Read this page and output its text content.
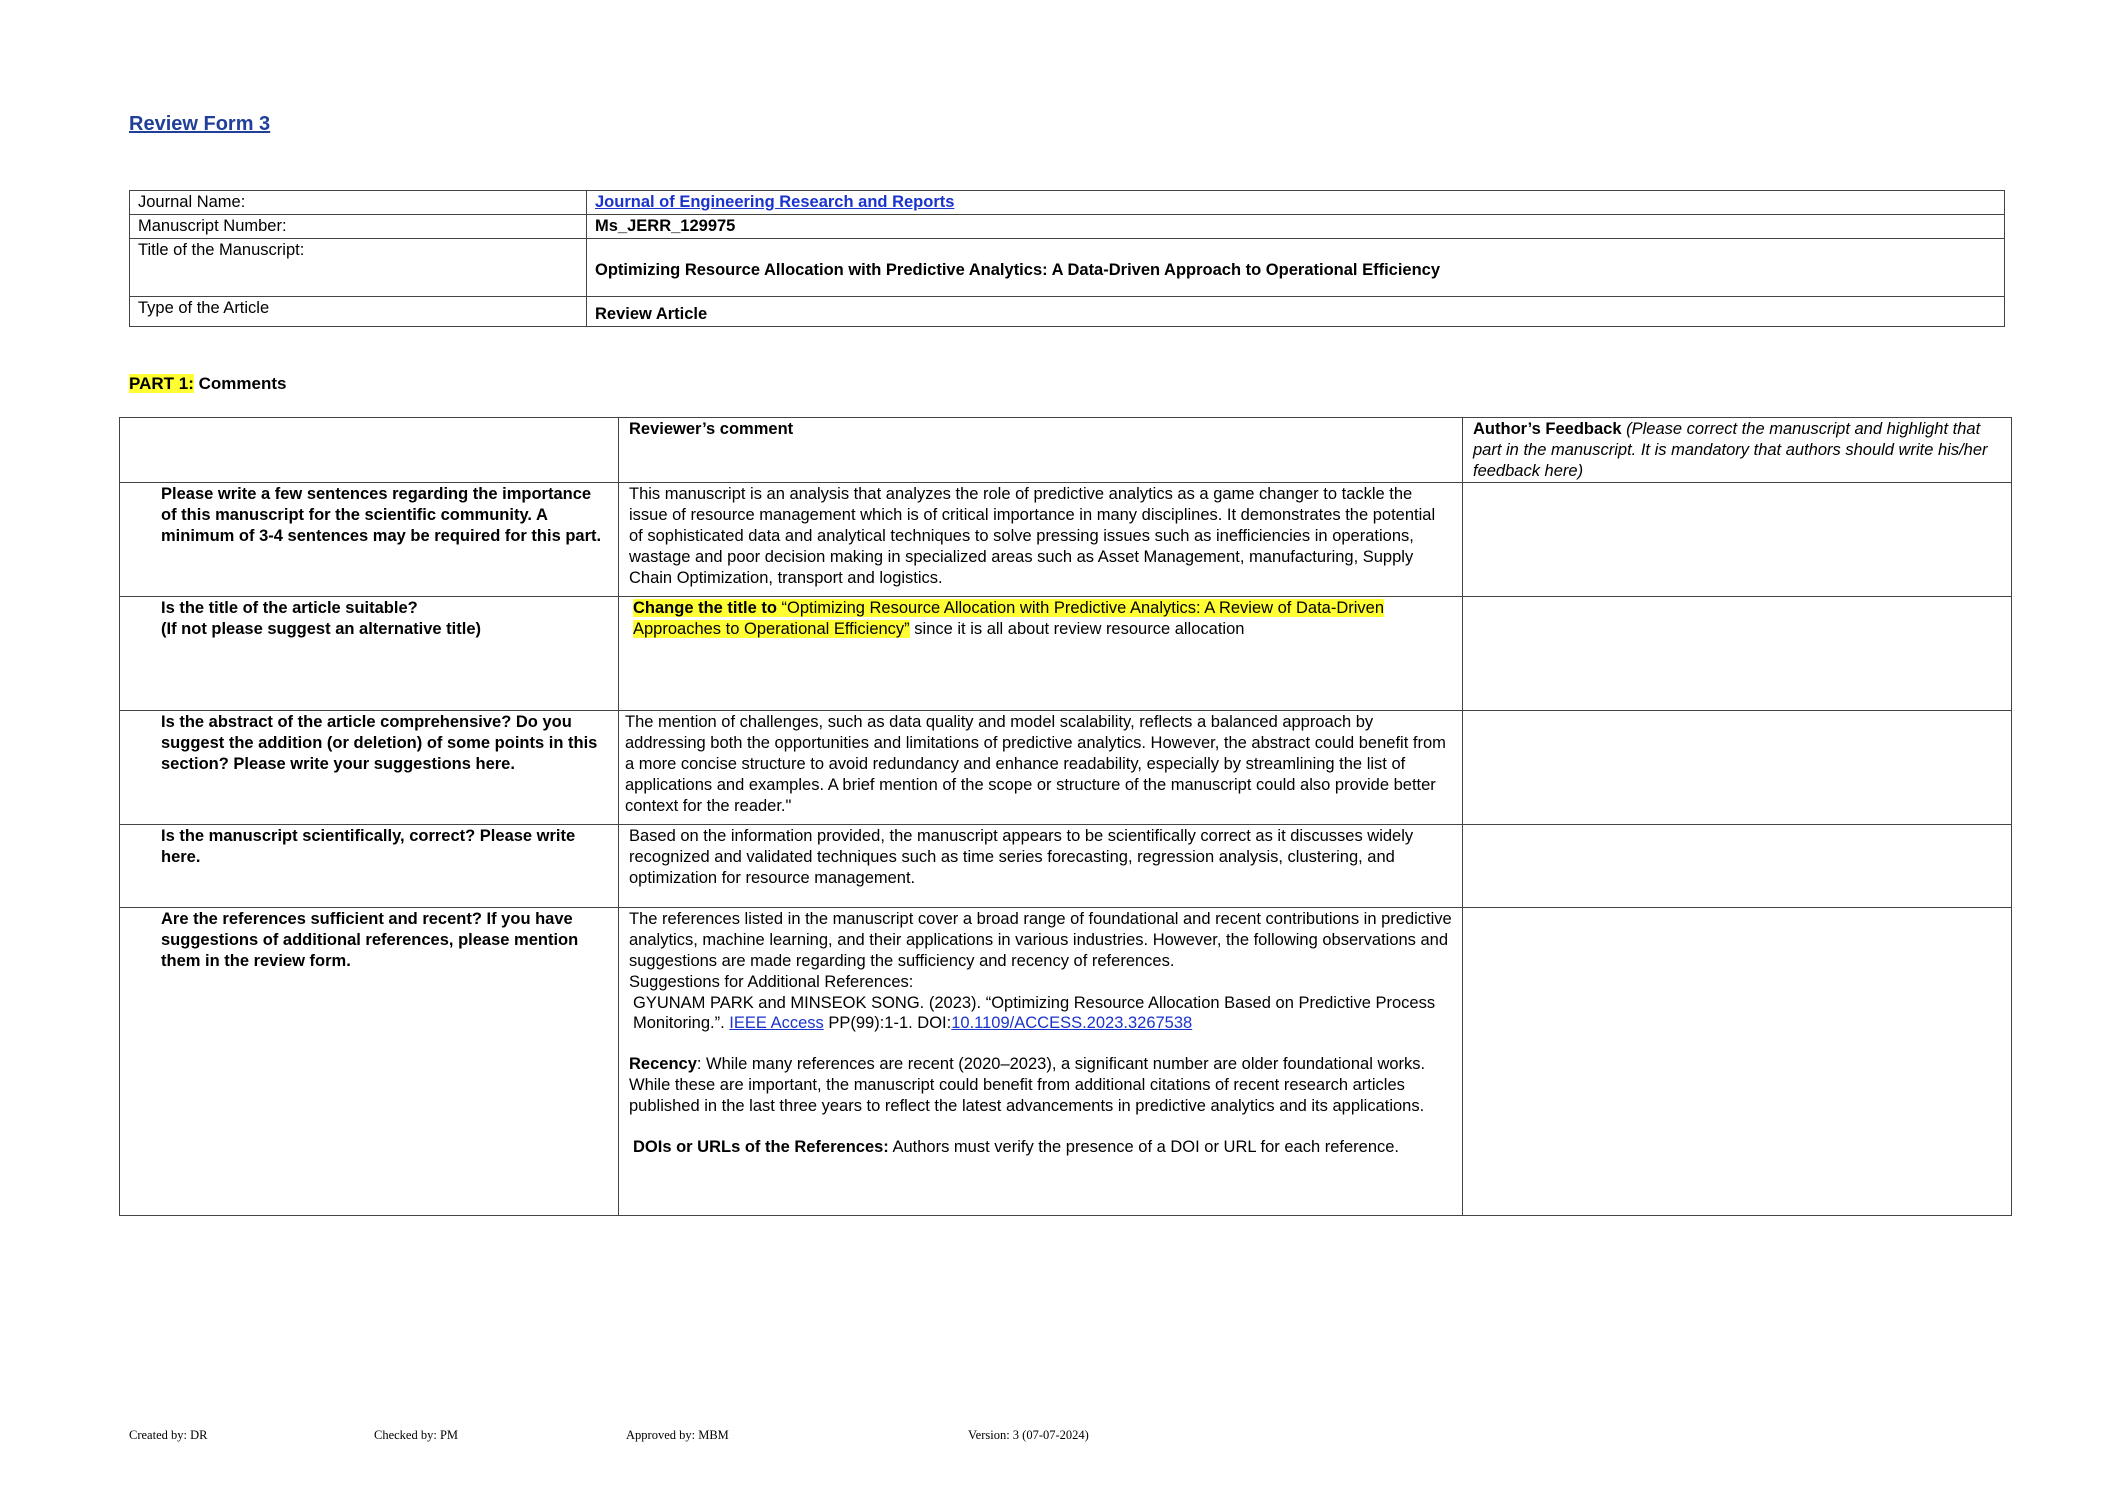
Review Form 3
Journal Name:	Journal of Engineering Research and Reports
Manuscript Number:	Ms_JERR_129975
Title of the Manuscript:	Optimizing Resource Allocation with Predictive Analytics: A Data-Driven Approach to Operational Efficiency
Type of the Article	Review Article
PART 1: Comments
	Reviewer’s comment	Author’s Feedback (Please correct the manuscript and highlight that part in the manuscript. It is mandatory that authors should write his/her feedback here)
Please write a few sentences regarding the importance of this manuscript for the scientific community. A minimum of 3-4 sentences may be required for this part.	This manuscript is an analysis that analyzes the role of predictive analytics as a game changer to tackle the issue of resource management which is of critical importance in many disciplines. It demonstrates the potential of sophisticated data and analytical techniques to solve pressing issues such as inefficiencies in operations, wastage and poor decision making in specialized areas such as Asset Management, manufacturing, Supply Chain Optimization, transport and logistics.	

Is the title of the article suitable?
(If not please suggest an alternative title)	Change the title to “Optimizing Resource Allocation with Predictive Analytics: A Review of Data-Driven Approaches to Operational Efficiency” since it is all about review resource allocation	
Is the abstract of the article comprehensive? Do you suggest the addition (or deletion) of some points in this section? Please write your suggestions here.	The mention of challenges, such as data quality and model scalability, reflects a balanced approach by addressing both the opportunities and limitations of predictive analytics. However, the abstract could benefit from a more concise structure to avoid redundancy and enhance readability, especially by streamlining the list of applications and examples. A brief mention of the scope or structure of the manuscript could also provide better context for the reader."	
Is the manuscript scientifically, correct? Please write here.	Based on the information provided, the manuscript appears to be scientifically correct as it discusses widely recognized and validated techniques such as time series forecasting, regression analysis, clustering, and optimization for resource management.	
Are the references sufficient and recent? If you have suggestions of additional references, please mention them in the review form.	The references listed in the manuscript cover a broad range of foundational and recent contributions in predictive analytics, machine learning, and their applications in various industries. However, the following observations and suggestions are made regarding the sufficiency and recency of references.

Suggestions for Additional References:

GYUNAM PARK and MINSEOK SONG. (2023). “Optimizing Resource Allocation Based on Predictive Process Monitoring.”. IEEE Access PP(99):1-1. DOI:10.1109/ACCESS.2023.3267538

Recency: While many references are recent (2020–2023), a significant number are older foundational works. While these are important, the manuscript could benefit from additional citations of recent research articles published in the last three years to reflect the latest advancements in predictive analytics and its applications.

DOIs or URLs of the References: Authors must verify the presence of a DOI or URL for each reference.	

Created by: DR	Checked by: PM	Approved by: MBM	Version: 3 (07-07-2024)
